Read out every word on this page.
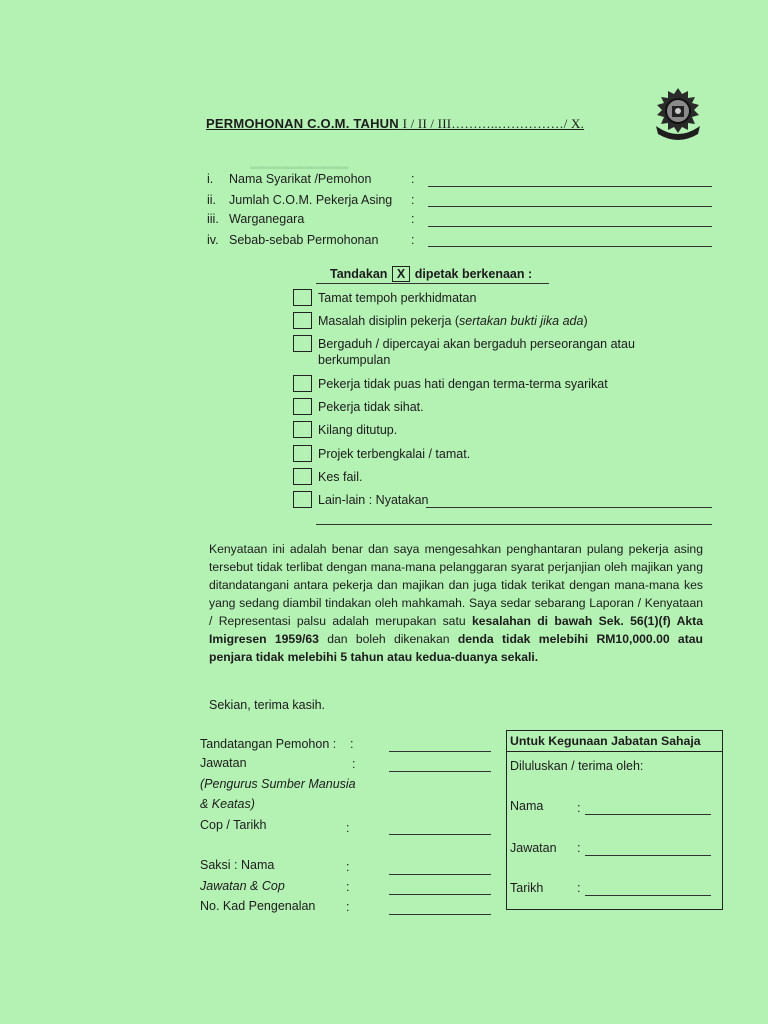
▁▁▁▁▁▁▁▁
PERMOHONAN C.O.M. TAHUN I / II / III………..……………/ X.
i. Nama Syarikat /Pemohon	:
ii. Jumlah C.O.M. Pekerja Asing :
iii. Warganegara	:
iv. Sebab-sebab Permohonan	:
Tandakan X dipetak berkenaan :
Tamat tempoh perkhidmatan
Masalah disiplin pekerja (sertakan bukti jika ada)
Bergaduh / dipercayai akan bergaduh perseorangan atau
berkumpulan
Pekerja tidak puas hati dengan terma-terma syarikat
Pekerja tidak sihat.
Kilang ditutup.
Projek terbengkalai / tamat.
Kes fail.
Lain-lain : Nyatakan
Kenyataan ini adalah benar dan saya mengesahkan penghantaran pulang pekerja asing tersebut tidak terlibat dengan mana-mana pelanggaran syarat perjanjian oleh majikan yang ditandatangani antara pekerja dan majikan dan juga tidak terikat dengan mana-mana kes yang sedang diambil tindakan oleh mahkamah. Saya sedar sebarang Laporan / Kenyataan / Representasi palsu adalah merupakan satu kesalahan di bawah Sek. 56(1)(f) Akta Imigresen 1959/63 dan boleh dikenakan denda tidak melebihi RM10,000.00 atau penjara tidak melebihi 5 tahun atau kedua-duanya sekali.
Sekian, terima kasih.
Tandatangan Pemohon : :
Jawatan	:
(Pengurus Sumber Manusia
& Keatas)
Cop / Tarikh	:
Saksi : Nama	:
Jawatan & Cop	:
No. Kad Pengenalan :
Untuk Kegunaan Jabatan Sahaja
Diluluskan / terima oleh:
Nama	:
Jawatan :
Tarikh	:
